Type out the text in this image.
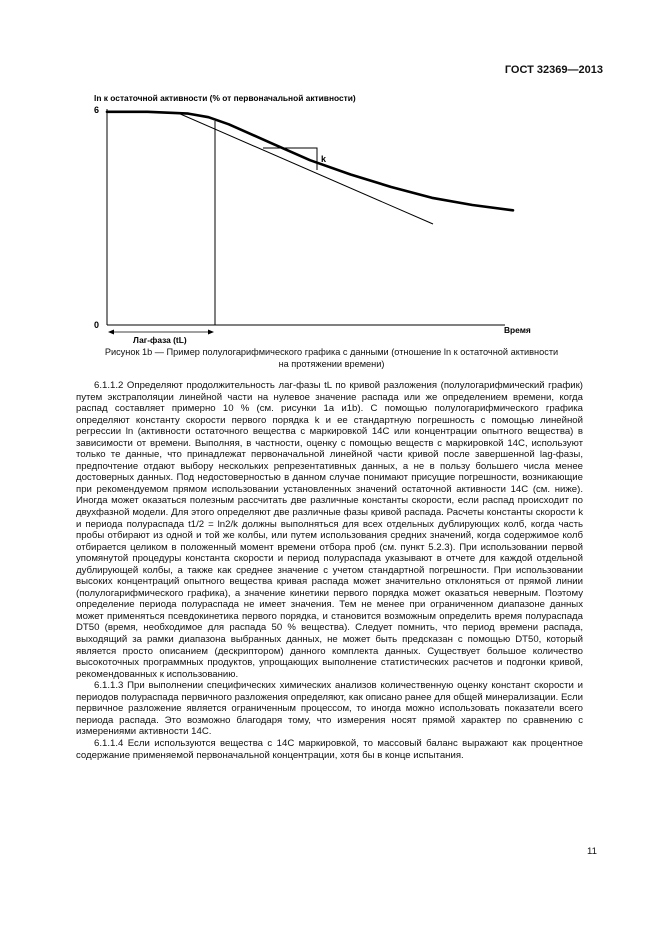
ГОСТ 32369—2013
ln к остаточной активности (% от первоначальной активности)
6
0	Время
Лаг-фаза (tL)
k
Рисунок 1b — Пример полулогарифмического графика с данными (отношение ln к остаточной активности
на протяжении времени)

6.1.1.2 Определяют продолжительность лаг-фазы tL по кривой разложения (полулогарифмический график) путем экстраполяции линейной части на нулевое значение распада или же определением времени, когда распад составляет примерно 10 % (см. рисунки 1а и1b). С помощью полулогарифмического графика определяют константу скорости первого порядка k и ее стандартную погрешность с помощью линейной регрессии ln (активности остаточного вещества с маркировкой 14C или концентрации опытного вещества) в зависимости от времени. Выполняя, в частности, оценку с помощью веществ с маркировкой 14C, используют только те данные, что принадлежат первоначальной линейной части кривой после завершенной lag-фазы, предпочтение отдают выбору нескольких репрезентативных данных, а не в пользу большего числа менее достоверных данных. Под недостоверностью в данном случае понимают присущие погрешности, возникающие при рекомендуемом прямом использовании установленных значений остаточной активности 14C (см. ниже). Иногда может оказаться полезным рассчитать две различные константы скорости, если распад происходит по двухфазной модели. Для этого определяют две различные фазы кривой распада. Расчеты константы скорости k и периода полураспада t1/2 = ln2/k должны выполняться для всех отдельных дублирующих колб, когда часть пробы отбирают из одной и той же колбы, или путем использования средних значений, когда содержимое колб отбирается целиком в положенный момент времени отбора проб (см. пункт 5.2.3). При использовании первой упомянутой процедуры константа скорости и период полураспада указывают в отчете для каждой отдельной дублирующей колбы, а также как среднее значение с учетом стандартной погрешности. При использовании высоких концентраций опытного вещества кривая распада может значительно отклоняться от прямой линии (полулогарифмического графика), а значение кинетики первого порядка может оказаться неверным. Поэтому определение периода полураспада не имеет значения. Тем не менее при ограниченном диапазоне данных может применяться псевдокинетика первого порядка, и становится возможным определить время полураспада DT50 (время, необходимое для распада 50 % вещества). Следует помнить, что период времени распада, выходящий за рамки диапазона выбранных данных, не может быть предсказан с помощью DT50, который является просто описанием (дескриптором) данного комплекта данных. Существует большое количество высокоточных программных продуктов, упрощающих выполнение статистических расчетов и подгонки кривой, рекомендованных к использованию.

6.1.1.3 При выполнении специфических химических анализов количественную оценку констант скорости и периодов полураспада первичного разложения определяют, как описано ранее для общей минерализации. Если первичное разложение является ограниченным процессом, то иногда можно использовать показатели всего периода распада. Это возможно благодаря тому, что измерения носят прямой характер по сравнению с измерениями активности 14C.

6.1.1.4 Если используются вещества с 14C маркировкой, то массовый баланс выражают как процентное содержание применяемой первоначальной концентрации, хотя бы в конце испытания.

11
